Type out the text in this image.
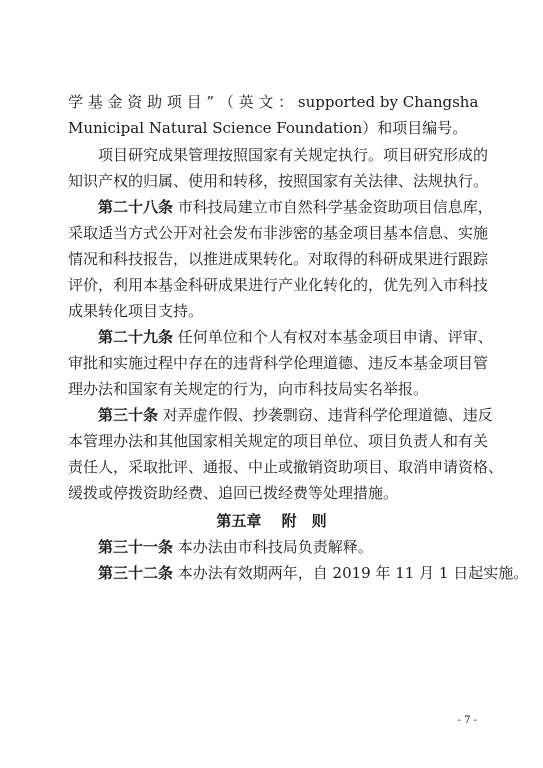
学 基 金 资 助 项 目 ” （ 英 文 ： supported by Changsha
Municipal Natural Science Foundation）和项目编号。
项目研究成果管理按照国家有关规定执行。项目研究形成的
知识产权的归属、使用和转移，按照国家有关法律、法规执行。
第二十八条 市科技局建立市自然科学基金资助项目信息库，
采取适当方式公开对社会发布非涉密的基金项目基本信息、实施
情况和科技报告，以推进成果转化。对取得的科研成果进行跟踪
评价，利用本基金科研成果进行产业化转化的，优先列入市科技
成果转化项目支持。
第二十九条 任何单位和个人有权对本基金项目申请、评审、
审批和实施过程中存在的违背科学伦理道德、违反本基金项目管
理办法和国家有关规定的行为，向市科技局实名举报。
第三十条 对弄虚作假、抄袭剽窃、违背科学伦理道德、违反
本管理办法和其他国家相关规定的项目单位、项目负责人和有关
责任人，采取批评、通报、中止或撤销资助项目、取消申请资格、
缓拨或停拨资助经费、追回已拨经费等处理措施。
第五章　 附　则
第三十一条 本办法由市科技局负责解释。
第三十二条 本办法有效期两年，自 2019 年 11 月 1 日起实施。
- 7 -
